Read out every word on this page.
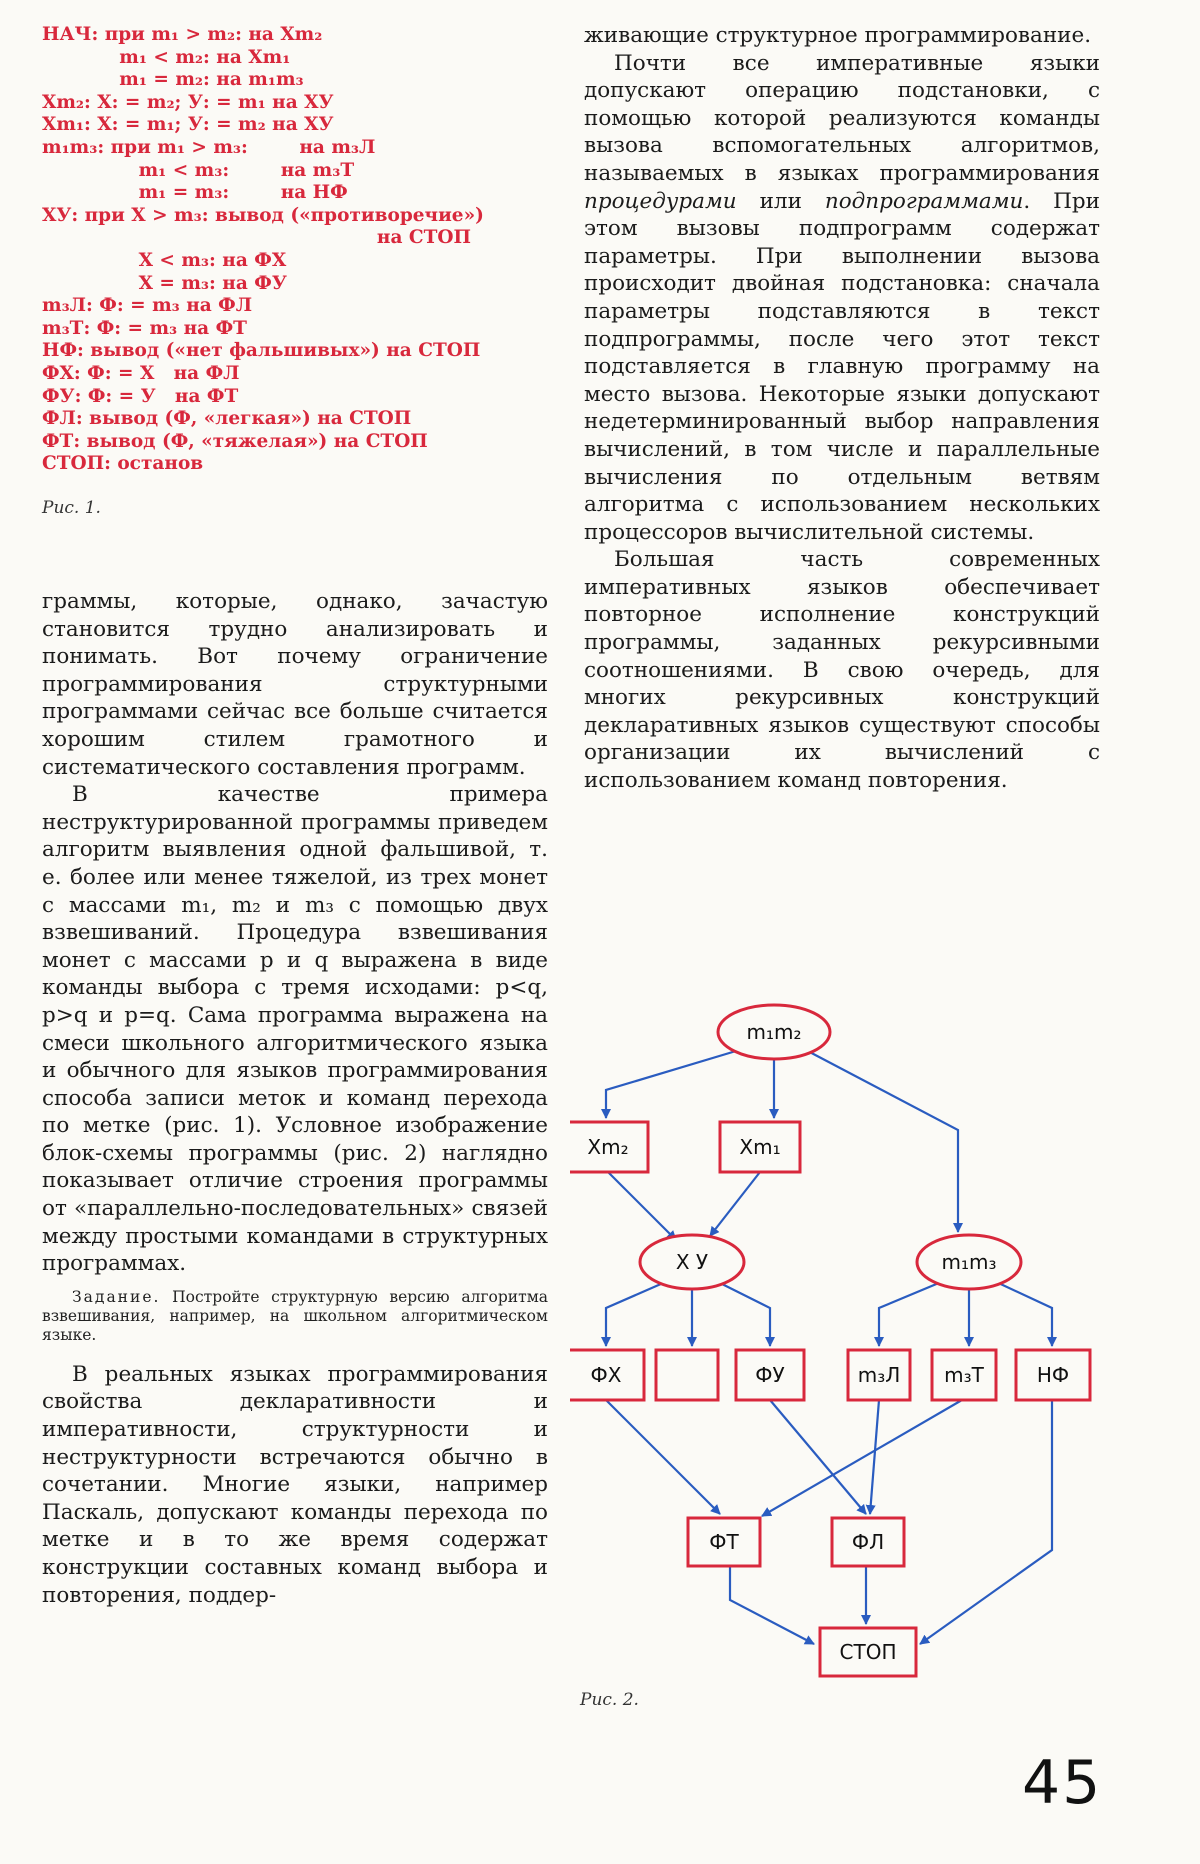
НАЧ: при m₁ > m₂: на Xm₂
m₁ < m₂: на Xm₁
m₁ = m₂: на m₁m₃
Xm₂: X: = m₂; У: = m₁ на XУ
Xm₁: X: = m₁; У: = m₂ на XУ
m₁m₃: при m₁ > m₃:        на m₃Л
m₁ < m₃:        на m₃Т
m₁ = m₃:        на НФ
XУ: при X > m₃: вывод («противоречие»)
на СТОП
X < m₃: на ФX
X = m₃: на ФУ
m₃Л: Ф: = m₃ на ФЛ
m₃Т: Ф: = m₃ на ФТ
НФ: вывод («нет фальшивых») на СТОП
ФX: Ф: = X   на ФЛ
ФУ: Ф: = У   на ФТ
ФЛ: вывод (Ф, «легкая») на СТОП
ФТ: вывод (Ф, «тяжелая») на СТОП
СТОП: останов
Рис. 1.

граммы, которые, однако, зачастую становится трудно анализировать и понимать. Вот почему ограничение программирования структурными программами сейчас все больше считается хорошим стилем грамотного и систематического составления программ.

В качестве примера неструктурированной программы приведем алгоритм выявления одной фальшивой, т. е. более или менее тяжелой, из трех монет с массами m₁, m₂ и m₃ с помощью двух взвешиваний. Процедура взвешивания монет с массами p и q выражена в виде команды выбора с тремя исходами: p<q, p>q и p=q. Сама программа выражена на смеси школьного алгоритмического языка и обычного для языков программирования способа записи меток и команд перехода по метке (рис. 1). Условное изображение блок-схемы программы (рис. 2) наглядно показывает отличие строения программы от «параллельно-последовательных» связей между простыми командами в структурных программах.

Задание. Постройте структурную версию алгоритма взвешивания, например, на школьном алгоритмическом языке.

В реальных языках программирования свойства декларативности и императивности, структурности и неструктурности встречаются обычно в сочетании. Многие языки, например Паскаль, допускают команды перехода по метке и в то же время содержат конструкции составных команд выбора и повторения, поддер-

живающие структурное программирование.

Почти все императивные языки допускают операцию подстановки, с помощью которой реализуются команды вызова вспомогательных алгоритмов, называемых в языках программирования процедурами или подпрограммами. При этом вызовы подпрограмм содержат параметры. При выполнении вызова происходит двойная подстановка: сначала параметры подставляются в текст подпрограммы, после чего этот текст подставляется в главную программу на место вызова. Некоторые языки допускают недетерминированный выбор направления вычислений, в том числе и параллельные вычисления по отдельным ветвям алгоритма с использованием нескольких процессоров вычислительной системы.

Большая часть современных императивных языков обеспечивает повторное исполнение конструкций программы, заданных рекурсивными соотношениями. В свою очередь, для многих рекурсивных конструкций декларативных языков существуют способы организации их вычислений с использованием команд повторения.

m₁m₂
Xm₂	Xm₁
X У	m₁m₃
ФX	ФУ	m₃Л m₃Т	НФ
ФТ	ФЛ
СТОП
Рис. 2.
45
